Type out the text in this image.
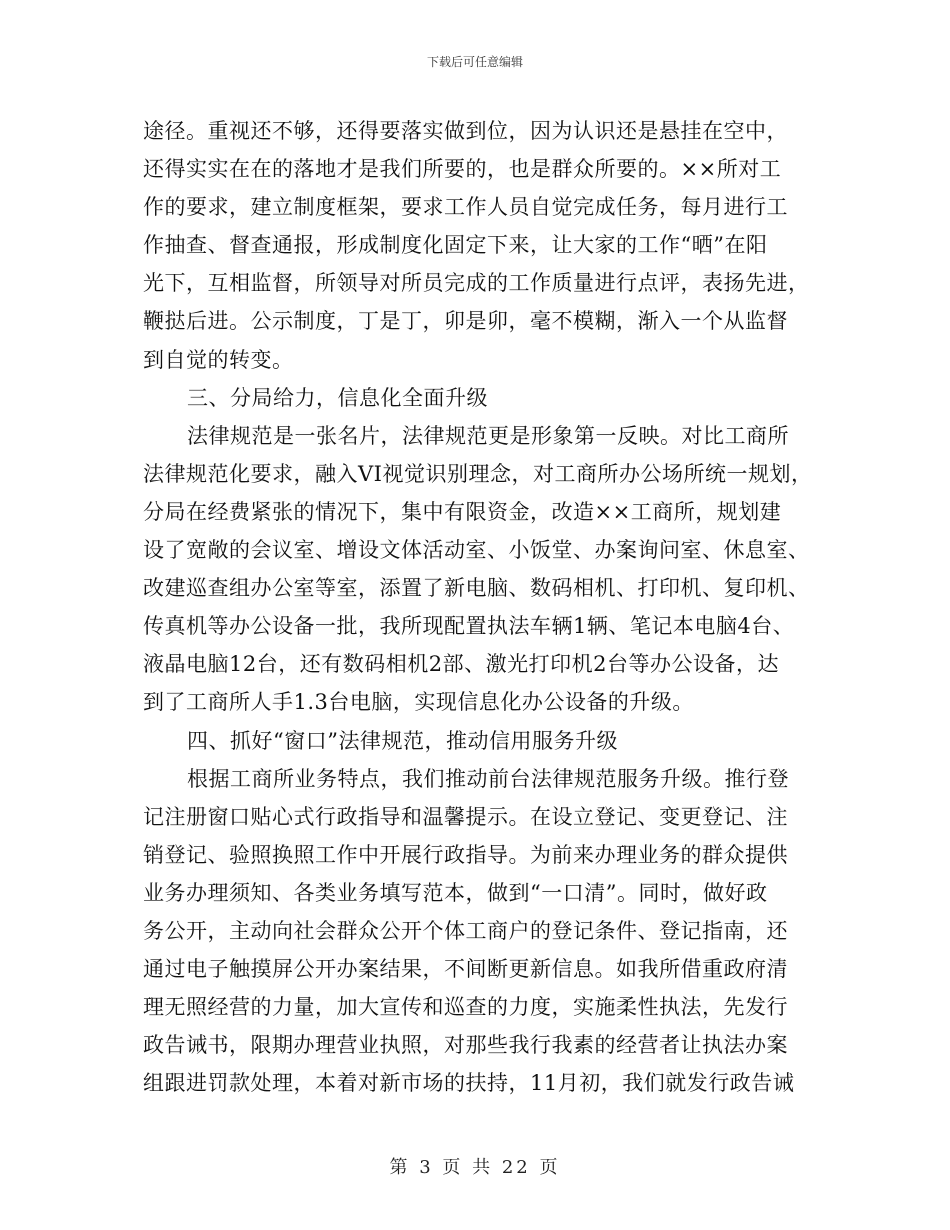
下载后可任意编辑
途径。重视还不够，还得要落实做到位，因为认识还是悬挂在空中，
还得实实在在的落地才是我们所要的，也是群众所要的。××所对工
作的要求，建立制度框架，要求工作人员自觉完成任务，每月进行工
作抽查、督查通报，形成制度化固定下来，让大家的工作“晒”在阳
光下，互相监督，所领导对所员完成的工作质量进行点评，表扬先进，
鞭挞后进。公示制度，丁是丁，卯是卯，毫不模糊，渐入一个从监督
到自觉的转变。
三、分局给力，信息化全面升级
法律规范是一张名片，法律规范更是形象第一反映。对比工商所
法律规范化要求，融入VI视觉识别理念，对工商所办公场所统一规划，
分局在经费紧张的情况下，集中有限资金，改造××工商所，规划建
设了宽敞的会议室、增设文体活动室、小饭堂、办案询问室、休息室、
改建巡查组办公室等室，添置了新电脑、数码相机、打印机、复印机、
传真机等办公设备一批，我所现配置执法车辆1辆、笔记本电脑4台、
液晶电脑12台，还有数码相机2部、激光打印机2台等办公设备，达
到了工商所人手1.3台电脑，实现信息化办公设备的升级。
四、抓好“窗口”法律规范，推动信用服务升级
根据工商所业务特点，我们推动前台法律规范服务升级。推行登
记注册窗口贴心式行政指导和温馨提示。在设立登记、变更登记、注
销登记、验照换照工作中开展行政指导。为前来办理业务的群众提供
业务办理须知、各类业务填写范本，做到“一口清”。同时，做好政
务公开，主动向社会群众公开个体工商户的登记条件、登记指南，还
通过电子触摸屏公开办案结果，不间断更新信息。如我所借重政府清
理无照经营的力量，加大宣传和巡查的力度，实施柔性执法，先发行
政告诫书，限期办理营业执照，对那些我行我素的经营者让执法办案
组跟进罚款处理，本着对新市场的扶持，11月初，我们就发行政告诫
第 3 页 共 22 页
